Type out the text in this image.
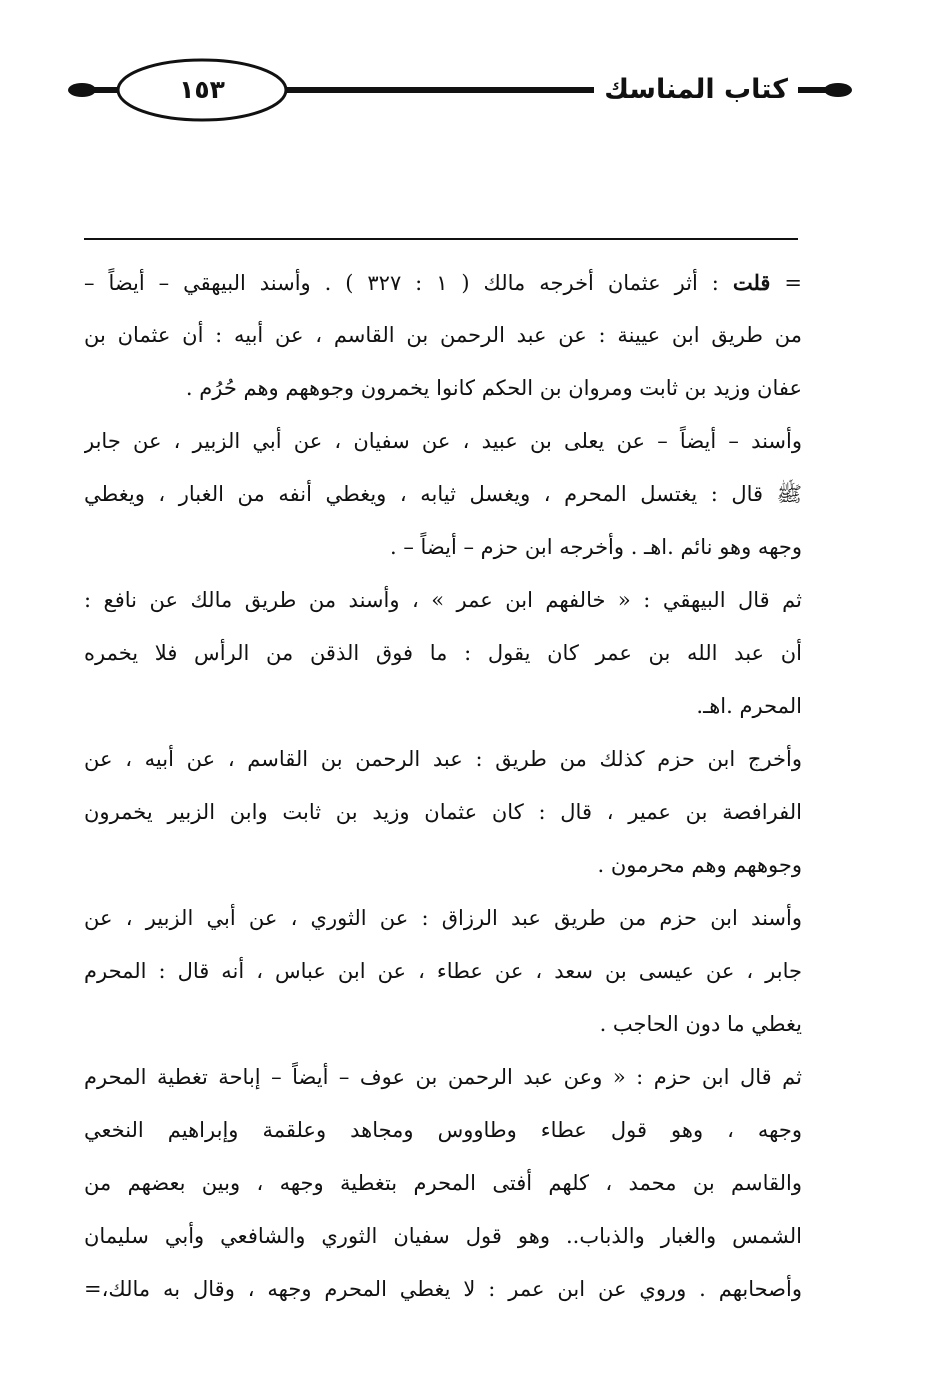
كتاب المناسك
١٥٣
= قلت : أثر عثمان أخرجه مالك ( ١ : ٣٢٧ ) . وأسند البيهقي – أيضاً –
من طريق ابن عيينة : عن عبد الرحمن بن القاسم ، عن أبيه : أن عثمان بن
عفان وزيد بن ثابت ومروان بن الحكم كانوا يخمرون وجوههم وهم حُرُم .
وأسند – أيضاً – عن يعلى بن عبيد ، عن سفيان ، عن أبي الزبير ، عن جابر
ﷺ قال : يغتسل المحرم ، ويغسل ثيابه ، ويغطي أنفه من الغبار ، ويغطي
وجهه وهو نائم .اهـ . وأخرجه ابن حزم – أيضاً – .
ثم قال البيهقي : « خالفهم ابن عمر » ، وأسند من طريق مالك عن نافع :
أن عبد الله بن عمر كان يقول : ما فوق الذقن من الرأس فلا يخمره
المحرم .اهـ.
وأخرج ابن حزم كذلك من طريق : عبد الرحمن بن القاسم ، عن أبيه ، عن
الفرافصة بن عمير ، قال : كان عثمان وزيد بن ثابت وابن الزبير يخمرون
وجوههم وهم محرمون .
وأسند ابن حزم من طريق عبد الرزاق : عن الثوري ، عن أبي الزبير ، عن
جابر ، عن عيسى بن سعد ، عن عطاء ، عن ابن عباس ، أنه قال : المحرم
يغطي ما دون الحاجب .
ثم قال ابن حزم : « وعن عبد الرحمن بن عوف – أيضاً – إباحة تغطية المحرم
وجهه ، وهو قول عطاء وطاووس ومجاهد وعلقمة وإبراهيم النخعي
والقاسم بن محمد ، كلهم أفتى المحرم بتغطية وجهه ، وبين بعضهم من
الشمس والغبار والذباب.. وهو قول سفيان الثوري والشافعي وأبي سليمان
وأصحابهم . وروي عن ابن عمر : لا يغطي المحرم وجهه ، وقال به مالك،=
